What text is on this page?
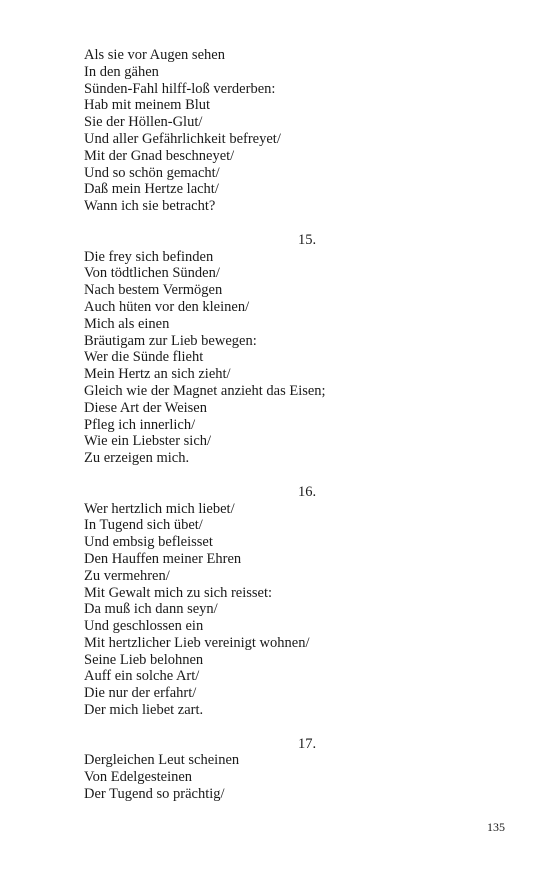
Als sie vor Augen sehen

In den gähen

Sünden-Fahl hilff-loß verderben:

Hab mit meinem Blut

Sie der Höllen-Glut/

Und aller Gefährlichkeit befreyet/

Mit der Gnad beschneyet/

Und so schön gemacht/

Daß mein Hertze lacht/

Wann ich sie betracht?

15.

Die frey sich befinden

Von tödtlichen Sünden/

Nach bestem Vermögen

Auch hüten vor den kleinen/

Mich als einen

Bräutigam zur Lieb bewegen:

Wer die Sünde flieht

Mein Hertz an sich zieht/

Gleich wie der Magnet anzieht das Eisen;

Diese Art der Weisen

Pfleg ich innerlich/

Wie ein Liebster sich/

Zu erzeigen mich.

16.

Wer hertzlich mich liebet/

In Tugend sich übet/

Und embsig befleisset

Den Hauffen meiner Ehren

Zu vermehren/

Mit Gewalt mich zu sich reisset:

Da muß ich dann seyn/

Und geschlossen ein

Mit hertzlicher Lieb vereinigt wohnen/

Seine Lieb belohnen

Auff ein solche Art/

Die nur der erfahrt/

Der mich liebet zart.

17.

Dergleichen Leut scheinen

Von Edelgesteinen

Der Tugend so prächtig/

135
